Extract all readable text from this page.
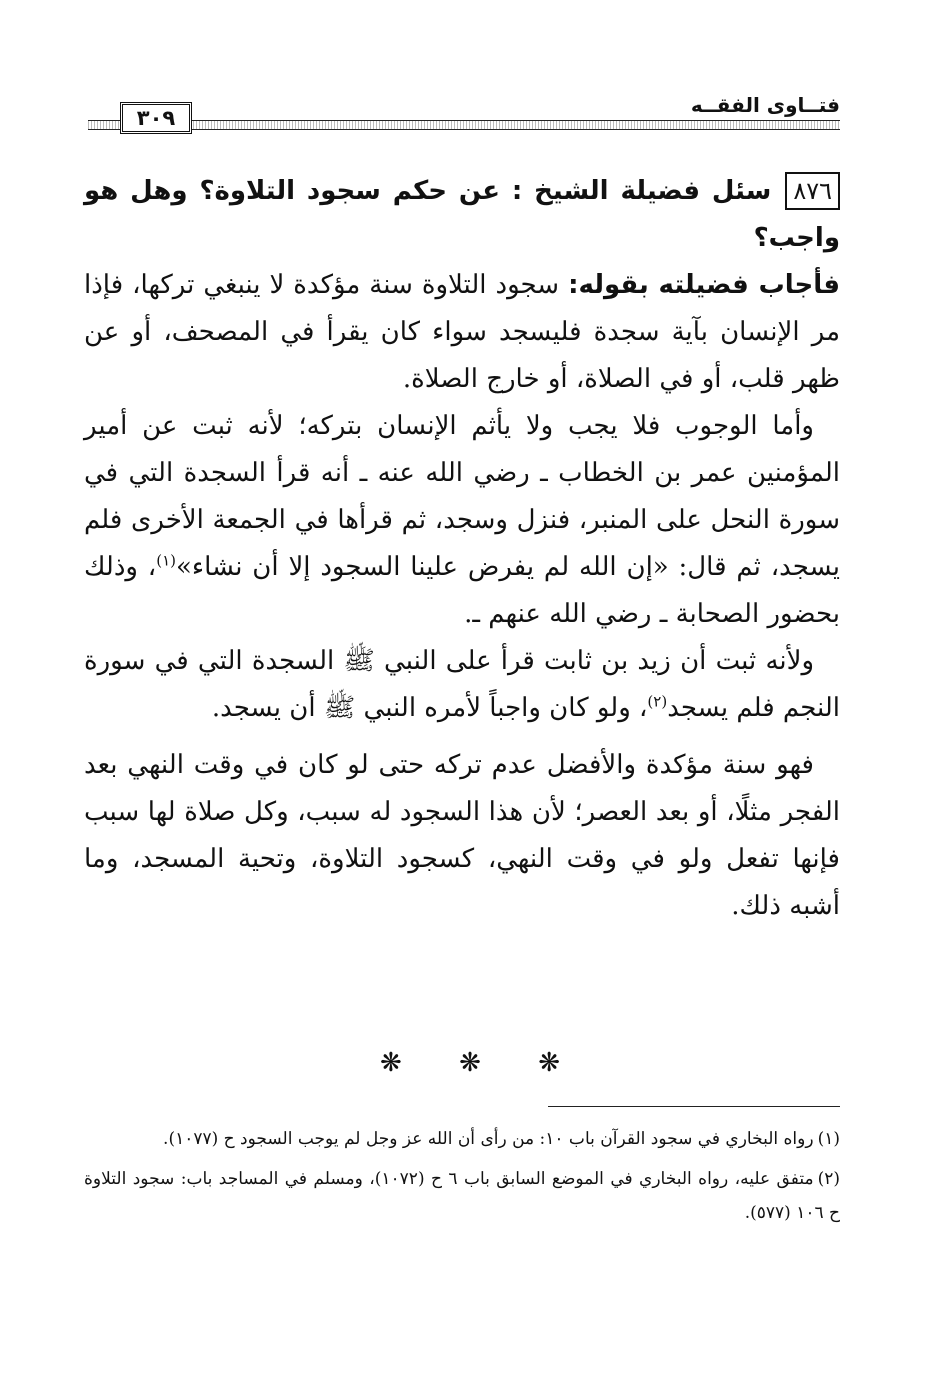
فتــاوى الفقــه
٣٠٩
٨٧٦
سئل فضيلة الشيخ : عن حكم سجود التلاوة؟ وهل هو واجب؟

فأجاب فضيلته بقوله: سجود التلاوة سنة مؤكدة لا ينبغي تركها، فإذا مر الإنسان بآية سجدة فليسجد سواء كان يقرأ في المصحف، أو عن ظهر قلب، أو في الصلاة، أو خارج الصلاة.

وأما الوجوب فلا يجب ولا يأثم الإنسان بتركه؛ لأنه ثبت عن أمير المؤمنين عمر بن الخطاب ـ رضي الله عنه ـ أنه قرأ السجدة التي في سورة النحل على المنبر، فنزل وسجد، ثم قرأها في الجمعة الأخرى فلم يسجد، ثم قال: «إن الله لم يفرض علينا السجود إلا أن نشاء»$^{(١)}$، وذلك بحضور الصحابة ـ رضي الله عنهم ـ.

ولأنه ثبت أن زيد بن ثابت قرأ على النبي ﷺ السجدة التي في سورة النجم فلم يسجد$^{(٢)}$، ولو كان واجباً لأمره النبي ﷺ أن يسجد.

فهو سنة مؤكدة والأفضل عدم تركه حتى لو كان في وقت النهي بعد الفجر مثلًا، أو بعد العصر؛ لأن هذا السجود له سبب، وكل صلاة لها سبب فإنها تفعل ولو في وقت النهي، كسجود التلاوة، وتحية المسجد، وما أشبه ذلك.

❋ ❋ ❋

(١)رواه البخاري في سجود القرآن باب ١٠: من رأى أن الله عز وجل لم يوجب السجود ح (١٠٧٧).

(٢)متفق عليه، رواه البخاري في الموضع السابق باب ٦ ح (١٠٧٢)، ومسلم في المساجد باب: سجود التلاوة ح ١٠٦ (٥٧٧).
